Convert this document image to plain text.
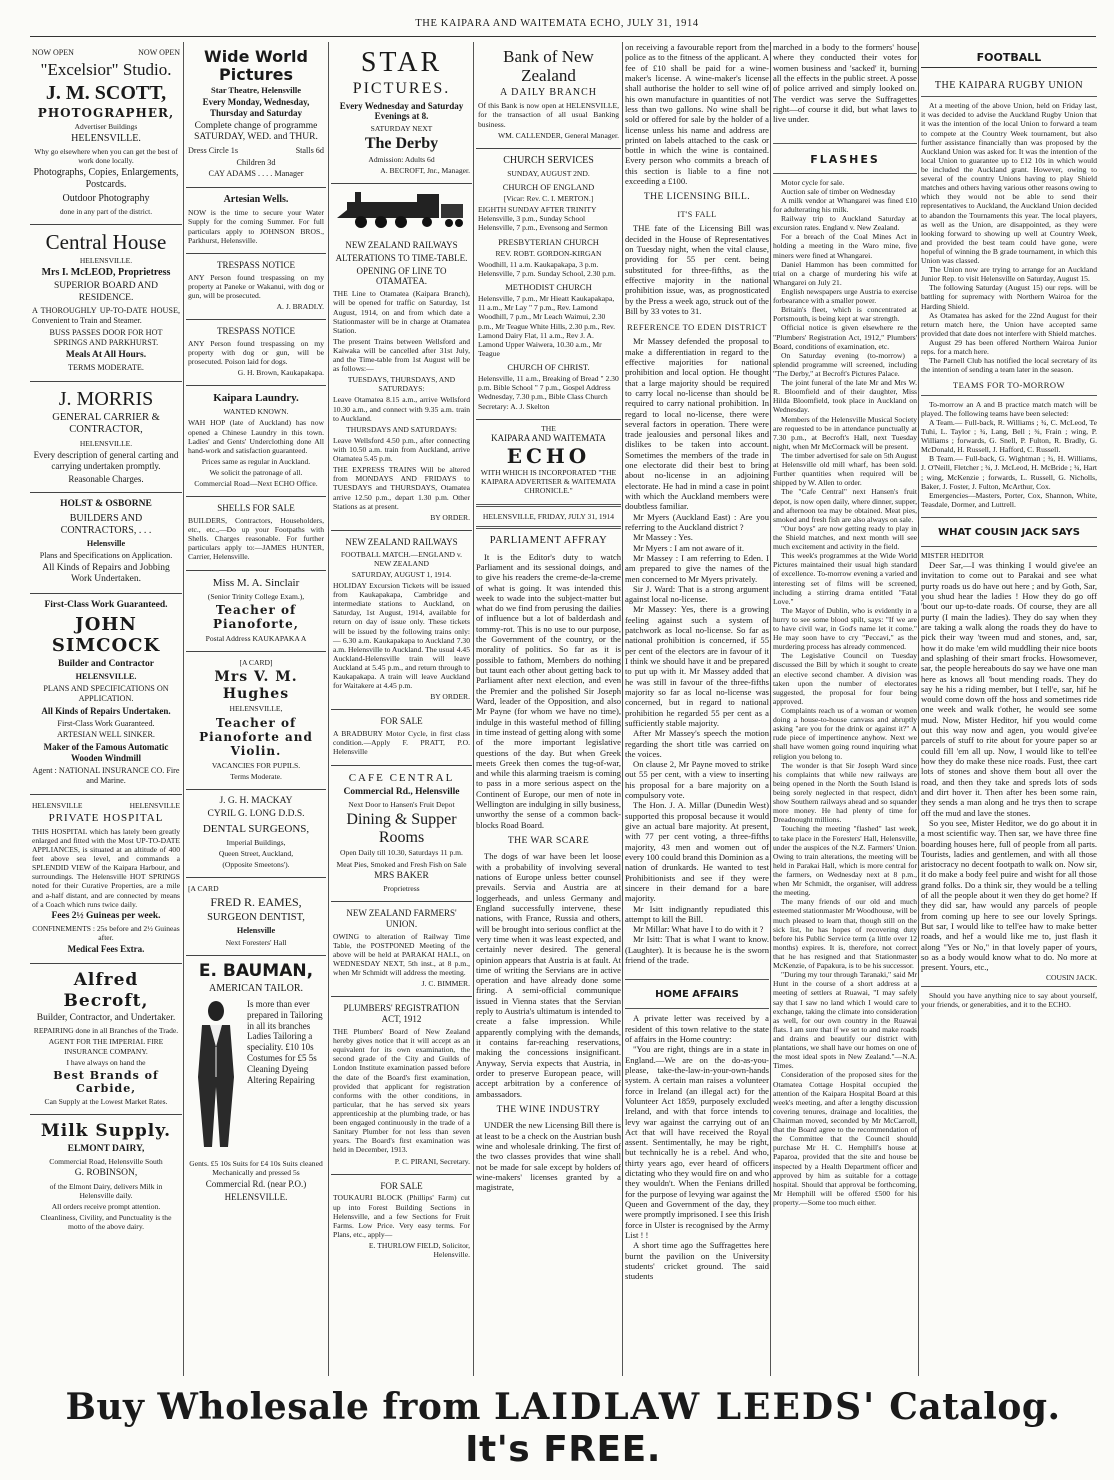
THE KAIPARA AND WAITEMATA ECHO, JULY 31, 1914

NOW OPEN	NOW OPEN

"Excelsior" Studio.

J. M. SCOTT,

PHOTOGRAPHER,

Advertiser Buildings

HELENSVILLE.

Why go elsewhere when you can get the best of work done locally.

Photographs, Copies, Enlargements, Postcards.

Outdoor Photography

done in any part of the district.

Central House

HELENSVILLE.

Mrs I. McLEOD, Proprietress

SUPERIOR BOARD AND RESIDENCE.

A THOROUGHLY UP-TO-DATE HOUSE, Convenient to Train and Steamer.

BUSS PASSES DOOR FOR HOT SPRINGS AND PARKHURST.

Meals At All Hours.

TERMS MODERATE.

J. MORRIS

GENERAL CARRIER & CONTRACTOR,

HELENSVILLE.

Every description of general carting and carrying undertaken promptly.

Reasonable Charges.

HOLST & OSBORNE

BUILDERS AND CONTRACTORS, . . .

Helensville

Plans and Specifications on Application.

All Kinds of Repairs and Jobbing Work Undertaken.

First-Class Work Guaranteed.

JOHN SIMCOCK

Builder and Contractor

HELENSVILLE.

PLANS AND SPECIFICATIONS ON APPLICATION.

All Kinds of Repairs Undertaken.

First-Class Work Guaranteed.

ARTESIAN WELL SINKER.

Maker of the Famous Automatic Wooden Windmill

Agent : NATIONAL INSURANCE CO. Fire and Marine.

HELENSVILLE	HELENSVILLE

PRIVATE HOSPITAL

THIS HOSPITAL which has lately been greatly enlarged and fitted with the Most UP-TO-DATE APPLIANCES, is situated at an altitude of 400 feet above sea level, and commands a SPLENDID VIEW of the Kaipara Harbour, and surroundings. The Helensville HOT SPRINGS noted for their Curative Properties, are a mile and a-half distant, and are connected by means of a Coach which runs twice daily.

Fees 2½ Guineas per week.

CONFINEMENTS : 25s before and 2½ Guineas after.

Medical Fees Extra.

Alfred Becroft,

Builder, Contractor, and Undertaker.

REPAIRING done in all Branches of the Trade.

AGENT FOR THE IMPERIAL FIRE INSURANCE COMPANY.

I have always on hand the

Best Brands of Carbide,

Can Supply at the Lowest Market Rates.

Milk Supply.

ELMONT DAIRY,

Commercial Road, Helensville South

G. ROBINSON,

of the Elmont Dairy, delivers Milk in Helensville daily.

All orders receive prompt attention.

Cleanliness, Civility, and Punctuality is the motto of the above dairy.

Wide World Pictures

Star Theatre, Helensville

Every Monday, Wednesday, Thursday and Saturday

Complete change of programme SATURDAY, WED. and THUR.

Dress Circle 1s	Stalls 6d

Children 3d

CAY ADAMS . . . . Manager

Artesian Wells.

NOW is the time to secure your Water Supply for the coming Summer. For full particulars apply to JOHNSON BROS., Parkhurst, Helensville.

TRESPASS NOTICE

ANY Person found trespassing on my property at Paneke or Wakanui, with dog or gun, will be prosecuted.

A. J. BRADLY.

TRESPASS NOTICE

ANY Person found trespassing on my property with dog or gun, will be prosecuted. Poison laid for dogs.

G. H. Brown, Kaukapakapa.

Kaipara Laundry.

WANTED KNOWN.

WAH HOP (late of Auckland) has now opened a Chinese Laundry in this town. Ladies' and Gents' Underclothing done All hand-work and satisfaction guaranteed.

Prices same as regular in Auckland.

We solicit the patronage of all.

Commercial Road—Next ECHO Office.

SHELLS FOR SALE

BUILDERS, Contractors, Householders, etc., etc.,—Do up your Footpaths with Shells. Charges reasonable. For further particulars apply to:—JAMES HUNTER, Carrier, Helensville.

Miss M. A. Sinclair

(Senior Trinity College Exam.),

Teacher of Pianoforte,

Postal Address KAUKAPAKA A

[A CARD]

Mrs V. M. Hughes

HELENSVILLE,

Teacher of Pianoforte and Violin.

VACANCIES FOR PUPILS.

Terms Moderate.

J. G. H. MACKAY

CYRIL G. LONG D.D.S.

DENTAL SURGEONS,

Imperial Buildings,

Queen Street, Auckland,

(Opposite Smeetons').

[A CARD

FRED R. EAMES,

SURGEON DENTIST,

Helensville

Next Foresters' Hall

E. BAUMAN,

AMERICAN TAILOR.

Is more than ever prepared in Tailoring in all its branches Ladies Tailoring a speciality. £10 10s Costumes for £5 5s Cleaning Dyeing Altering Repairing

Gents. £5 10s Suits for £4 10s Suits cleaned Mechanically and pressed 5s

Commercial Rd. (near P.O.)

HELENSVILLE.

STAR

PICTURES.

Every Wednesday and Saturday Evenings at 8.

SATURDAY NEXT

The Derby

Admission: Adults 6d

A. BECROFT, Jnr., Manager.

NEW ZEALAND RAILWAYS

ALTERATIONS TO TIME-TABLE.

OPENING OF LINE TO OTAMATEA.

THE Line to Otamatea (Kaipara Branch), will be opened for traffic on Saturday, 1st August, 1914, on and from which date a Stationmaster will be in charge at Otamatea Station.

The present Trains between Wellsford and Kaiwaka will be cancelled after 31st July, and the Time-table from 1st August will be as follows:—

TUESDAYS, THURSDAYS, AND SATURDAYS:

Leave Otamatea 8.15 a.m., arrive Wellsford 10.30 a.m., and connect with 9.35 a.m. train to Auckland.

THURSDAYS AND SATURDAYS:

Leave Wellsford 4.50 p.m., after connecting with 10.50 a.m. train from Auckland, arrive Otamatea 5.45 p.m.

THE EXPRESS TRAINS Will be altered from MONDAYS AND FRIDAYS to TUESDAYS and THURSDAYS, Otamatea arrive 12.50 p.m., depart 1.30 p.m. Other Stations as at present.

BY ORDER.

NEW ZEALAND RAILWAYS

FOOTBALL MATCH.—ENGLAND v. NEW ZEALAND

SATURDAY, AUGUST 1, 1914.

HOLIDAY Excursion Tickets will be issued from Kaukapakapa, Cambridge and intermediate stations to Auckland, on Saturday, 1st August, 1914, available for return on day of issue only. These tickets will be issued by the following trains only:— 6.30 a.m. Kaukapakapa to Auckland 7.30 a.m. Helensville to Auckland. The usual 4.45 Auckland-Helensville train will leave Auckland at 5.45 p.m., and return through to Kaukapakapa. A train will leave Auckland for Waitakere at 4.45 p.m.

BY ORDER.

FOR SALE

A BRADBURY Motor Cycle, in first class condition.—Apply F. PRATT, P.O. Helensville

CAFE CENTRAL

Commercial Rd., Helensville

Next Door to Hansen's Fruit Depot

Dining & Supper Rooms

Open Daily till 10.30, Saturdays 11 p.m.

Meat Pies, Smoked and Fresh Fish on Sale

MRS BAKER

Proprietress

NEW ZEALAND FARMERS' UNION.

OWING to alteration of Railway Time Table, the POSTPONED Meeting of the above will be held at PARAKAI HALL, on WEDNESDAY NEXT, 5th inst., at 8 p.m., when Mr Schmidt will address the meeting.

J. C. BIMMER.

PLUMBERS' REGISTRATION ACT, 1912

THE Plumbers' Board of New Zealand hereby gives notice that it will accept as an equivalent for its own examination, the second grade of the City and Guilds of London Institute examination passed before the date of the Board's first examination, provided that applicant for registration conforms with the other conditions, in particular, that he has served six years apprenticeship at the plumbing trade, or has been engaged continuously in the trade of a Sanitary Plumber for not less than seven years. The Board's first examination was held in December, 1913.

P. C. PIRANI, Secretary.

FOR SALE

TOUKAURI BLOCK (Phillips' Farm) cut up into Forest Building Sections in Helensville, and a few Sections for Fruit Farms. Low Price. Very easy terms. For Plans, etc., apply—

E. THURLOW FIELD, Solicitor, Helensville.

Bank of New Zealand

A DAILY BRANCH

Of this Bank is now open at HELENSVILLE, for the transaction of all usual Banking business.

WM. CALLENDER, General Manager.

CHURCH SERVICES

SUNDAY, AUGUST 2ND.

CHURCH OF ENGLAND

[Vicar: Rev. C. I. MERTON.]

EIGHTH SUNDAY AFTER TRINITY Helensville, 3 p.m., Sunday School Helensville, 7 p.m., Evensong and Sermon

PRESBYTERIAN CHURCH

REV. ROBT. GORDON-KIRGAN

Woodhill, 11 a.m. Kaukapakapa, 3 p.m. Helensville, 7 p.m. Sunday School, 2.30 p.m.

METHODIST CHURCH

Helensville, 7 p.m., Mr Hieatt Kaukapakapa, 11 a.m., Mr Lay " 7 p.m., Rev. Lamond Woodhill, 7 p.m., Mr Leach Waimui, 2.30 p.m., Mr Teague White Hills, 2.30 p.m., Rev. Lamond Dairy Flat, 11 a.m., Rev J. A. Lamond Upper Waiwera, 10.30 a.m., Mr Teague

CHURCH OF CHRIST.

Helensville, 11 a.m., Breaking of Bread " 2.30 p.m. Bible School " 7 p.m., Gospel Address Wednesday, 7.30 p.m., Bible Class Church Secretary: A. J. Skelton

THE

KAIPARA AND WAITEMATA

ECHO

WITH WHICH IS INCORPORATED "THE KAIPARA ADVERTISER & WAITEMATA CHRONICLE."

HELENSVILLE, FRIDAY, JULY 31, 1914

PARLIAMENT AFFRAY

It is the Editor's duty to watch Parliament and its sessional doings, and to give his readers the creme-de-la-creme of what is going. It was intended this week to wade into the subject-matter but what do we find from perusing the dailies of influence but a lot of balderdash and tommy-rot. This is no use to our purpose, the Government of the country, or the morality of politics. So far as it is possible to fathom, Members do nothing but taunt each other about getting back to Parliament after next election, and even the Premier and the polished Sir Joseph Ward, leader of the Opposition, and also Mr Payne (for whom we have no time), indulge in this wasteful method of filling in time instead of getting along with some of the more important legislative questions of the day. But when Greek meets Greek then comes the tug-of-war, and while this alarming traeism is coming to pass in a more serious aspect on the Continent of Europe, our men of note in Wellington are indulging in silly business, unworthy the sense of a common back-blocks Road Board.

THE WAR SCARE

The dogs of war have been let loose with a probability of involving several nations of Europe unless better counsel prevails. Servia and Austria are at loggerheads, and unless Germany and England successfully intervene, these nations, with France, Russia and others, will be brought into serious conflict at the very time when it was least expected, and certainly never desired. The general opinion appears that Austria is at fault. At time of writing the Servians are in active operation and have already done some firing. A semi-official communique issued in Vienna states that the Servian reply to Austria's ultimatum is intended to create a false impression. While apparently complying with the demands, it contains far-reaching reservations, making the concessions insignificant. Anyway, Servia expects that Austria, in order to preserve European peace, will accept arbitration by a conference of ambassadors.

THE WINE INDUSTRY

UNDER the new Licensing Bill there is at least to be a check on the Austrian bush wine and wholesale drinking. The first of the two classes provides that wine shall not be made for sale except by holders of wine-makers' licenses granted by a magistrate,

on receiving a favourable report from the police as to the fitness of the applicant. A fee of £10 shall be paid for a wine-maker's license. A wine-maker's license shall authorise the holder to sell wine of his own manufacture in quantities of not less than two gallons. No wine shall be sold or offered for sale by the holder of a license unless his name and address are printed on labels attached to the cask or bottle in which the wine is contained. Every person who commits a breach of this section is liable to a fine not exceeding a £100.

THE LICENSING BILL.

IT'S FALL

THE fate of the Licensing Bill was decided in the House of Representatives on Tuesday night, when the vital clause, providing for 55 per cent. being substituted for three-fifths, as the effective majority in the national prohibition issue, was, as prognosticated by the Press a week ago, struck out of the Bill by 33 votes to 31.

REFERENCE TO EDEN DISTRICT

Mr Massey defended the proposal to make a differentiation in regard to the effective majorities for national prohibition and local option. He thought that a large majority should be required to carry local no-license than should be required to carry national prohibition. In regard to local no-license, there were several factors in operation. There were trade jealousies and personal likes and dislikes to be taken into account. Sometimes the members of the trade in one electorate did their best to bring about no-license in an adjoining electorate. He had in mind a case in point with which the Auckland members were doubtless familiar.

Mr Myers (Auckland East) : Are you referring to the Auckland district ?

Mr Massey : Yes.

Mr Myers : I am not aware of it.

Mr Massey : I am referring to Eden. I am prepared to give the names of the men concerned to Mr Myers privately.

Sir J. Ward: That is a strong argument against local no-license.

Mr Massey: Yes, there is a growing feeling against such a system of patchwork as local no-license. So far as national prohibition is concerned, if 55 per cent of the electors are in favour of it I think we should have it and be prepared to put up with it. Mr Massey added that he was still in favour of the three-fifths majority so far as local no-license was concerned, but in regard to national prohibition he regarded 55 per cent as a sufficiently stable majority.

After Mr Massey's speech the motion regarding the short title was carried on the voices.

On clause 2, Mr Payne moved to strike out 55 per cent, with a view to inserting his proposal for a bare majority on a compulsory vote.

The Hon. J. A. Millar (Dunedin West) supported this proposal because it would give an actual bare majority. At present, with 77 per cent voting, a three-fifths majority, 43 men and women out of every 100 could brand this Dominion as a nation of drunkards. He wanted to test Prohibitionists and see if they were sincere in their demand for a bare majority.

Mr Isitt indignantly repudiated this attempt to kill the Bill.

Mr Millar: What have I to do with it ?

Mr Isitt: That is what I want to know. (Laughter). It is because he is the sworn friend of the trade.

HOME AFFAIRS

A private letter was received by a resident of this town relative to the state of affairs in the Home country:

"You are right, things are in a state in England.—We are on the do-as-you-please, take-the-law-in-your-own-hands system. A certain man raises a volunteer force in Ireland (an illegal act) for the Volunteer Act 1859, purposely excluded Ireland, and with that force intends to levy war against the carrying out of an Act that will have received the Royal assent. Sentimentally, he may be right, but technically he is a rebel. And who, thirty years ago, ever heard of officers dictating who they would fire on and who they wouldn't. When the Fenians drilled for the purpose of levying war against the Queen and Government of the day, they were promptly imprisoned. I see this Irish force in Ulster is recognised by the Army List ! !

A short time ago the Suffragettes here burnt the pavilion on the University students' cricket ground. The said students

marched in a body to the formers' house where they conducted their votes for women business and 'sacked' it, burning all the effects in the public street. A posse of police arrived and simply looked on. The verdict was serve the Suffragettes right—of course it did, but what laws to live under.

FLASHES

Motor cycle for sale.

Auction sale of timber on Wednesday

A milk vendor at Whangarei was fined £10 for adulterating his milk.

Railway trip to Auckland Saturday at excursion rates. England v. New Zealand.

For a breach of the Coal Mines Act in holding a meeting in the Waro mine, five miners were fined at Whangarei.

Daniel Hammon has been committed for trial on a charge of murdering his wife at Whangarei on July 21.

English newspapers urge Austria to exercise forbearance with a smaller power.

Britain's fleet, which is concentrated at Portsmouth, is being kept at war strength.

Official notice is given elsewhere re the "Plumbers' Registration Act, 1912," Plumbers' Board, conditions of examination, etc.

On Saturday evening (to-morrow) a splendid programme will screened, including "The Derby," at Becroft's Pictures Palace.

The joint funeral of the late Mr and Mrs W. R. Bloomfield and of their daughter, Miss Hilda Bloomfield, took place in Auckland on Wednesday.

Members of the Helensville Musical Society are requested to be in attendance punctually at 7.30 p.m., at Becroft's Hall, next Tuesday night, when Mr McCormack will be present.

The timber advertised for sale on 5th August at Helensville old mill wharf, has been sold. Further quantities when required will be shipped by W. Allen to order.

The "Cafe Central" next Hansen's fruit depot, is now open daily, where dinner, supper, and afternoon tea may be obtained. Meat pies, smoked and fresh fish are also always on sale.

"Our boys" are now getting ready to play in the Shield matches, and next month will see much excitement and activity in the field.

This week's programmes at the Wide World Pictures maintained their usual high standard of excellence. To-morrow evening a varied and interesting set of films will be screened, including a stirring drama entitled "Fatal Love."

The Mayor of Dublin, who is evidently in a hurry to see some blood spilt, says: "If we are to have civil war, in God's name let it come." He may soon have to cry "Peccavi," as the murdering process has already commenced.

The Legislative Council on Tuesday discussed the Bill by which it sought to create an elective second chamber. A division was taken upon the number of electorates suggested, the proposal for four being approved.

Complaints reach us of a woman or women doing a house-to-house canvass and abruptly asking "are you for the drink or against it?" A rude piece of impertinence anyhow. Next we shall have women going round inquiring what religion you belong to.

The wonder is that Sir Joseph Ward since his complaints that while new railways are being opened in the North the South Island is being sorely neglected in that respect, didn't show Southern railways ahead and so squander more money. He had plenty of time for Dreadnought millions.

Touching the meeting "flashed" last week, to take place in the Foresters' Hall, Helensville, under the auspices of the N.Z. Farmers' Union. Owing to train alterations, the meeting will be held in Parakai Hall, which is more central for the farmers, on Wednesday next at 8 p.m., when Mr Schmidt, the organiser, will address the meeting.

The many friends of our old and much esteemed stationmaster Mr Woodhouse, will be much pleased to learn that, though still on the sick list, he has hopes of recovering duty before his Public Service term (a little over 12 months) expires. It is, therefore, not correct that he has resigned and that Stationmaster McKenzie, of Papakura, is to be his successor.

"During my tour through Taranaki," said Mr Hunt in the course of a short address at a meeting of settlers at Ruawai, "I may safely say that I saw no land which I would care to exchange, taking the climate into consideration as well, for our own country in the Ruawai flats. I am sure that if we set to and make roads and drains and beautify our district with plantations, we shall have our homes on one of the most ideal spots in New Zealand."—N.A. Times.

Consideration of the proposed sites for the Otamatea Cottage Hospital occupied the attention of the Kaipara Hospital Board at this week's meeting, and after a lengthy discussion covering tenures, drainage and localities, the Chairman moved, seconded by Mr McCarroll, that the Board agree to the recommendation of the Committee that the Council should purchase Mr H. C. Hemphill's house at Paparoa, provided that the site and house be inspected by a Health Department officer and approved by him as suitable for a cottage hospital. Should that approval be forthcoming, Mr Hemphill will be offered £500 for his property.—Some too much either.

FOOTBALL

THE KAIPARA RUGBY UNION

At a meeting of the above Union, held on Friday last, it was decided to advise the Auckland Rugby Union that it was the intention of the local Union to forward a team to compete at the Country Week tournament, but also further assistance financially than was proposed by the Auckland Union was asked for. It was the intention of the local Union to guarantee up to £12 10s in which would be included the Auckland grant. However, owing to several of the country Unions having to play Shield matches and others having various other reasons owing to which they would not be able to send their representatives to Auckland, the Auckland Union decided to abandon the Tournaments this year. The local players, as well as the Union, are disappointed, as they were looking forward to showing up well at Country Week, and provided the best team could have gone, were hopeful of winning the B grade tournament, in which this Union was classed.

The Union now are trying to arrange for an Auckland Junior Rep. to visit Helensville on Saturday, August 15.

The following Saturday (August 15) our reps. will be battling for supremacy with Northern Wairoa for the Harding Shield.

As Otamatea has asked for the 22nd August for their return match here, the Union have accepted same provided that date does not interfere with Shield matches.

August 29 has been offered Northern Wairoa Junior reps. for a match here.

The Parnell Club has notified the local secretary of its the intention of sending a team later in the season.

TEAMS FOR TO-MORROW

To-morrow an A and B practice match match will be played. The following teams have been selected:

A Team.— Full-back, R. Williams ; ¾, C. McLeod, Te Tuhi, L. Taylor ; ¾, Lang, Bell ; ¾, Frain ; wing, P. Williams ; forwards, G. Snell, P. Fulton, R. Bradly, G. McDonald, H. Russell, J. Hafford, C. Russell.

B Team.— Full-back, G. Wightman ; ¾, H. Williams, J. O'Neill, Fletcher ; ¾, J. McLeod, H. McBride ; ¾, Hart ; wing, McKenzie ; forwards, L. Russell, G. Nicholls, Baker, J. Foster, J. Fulton, McArthur, Cox.

Emergencies—Masters, Porter, Cox, Shannon, White, Teasdale, Dormer, and Luttrell.

WHAT COUSIN JACK SAYS

MISTER HEDITOR

Deer Sar,—I was thinking I would give'ee an invitation to come out to Parakai and see what purty roads us do have out here ; and by Goth, Sar, you shud hear the ladies ! How they do go off 'bout our up-to-date roads. Of course, they are all purty (I main the ladies). They do say when they are taking a walk along the roads they do have to pick their way 'tween mud and stones, and, sar, how it do make 'em wild muddling their nice boots and splashing of their smart frocks. Howsomever, sar, the people hereabouts do say we have one man here as knows all 'bout mending roads. They do say he his a riding member, but I tell'e, sar, hif he would come down off the hoss and sometimes ride one week and walk t'other, he would see some mud. Now, Mister Heditor, hif you would come out this way now and agen, you would give'ee parcels of stuff to rite about for youre paper so ar could fill 'em all up. Now, I would like to tell'ee how they do make these nice roads. Fust, thee cart lots of stones and shove them bout all over the road, and then they take and spreds lots of sods and dirt hover it. Then after hes been some rain, they sends a man along and he trys then to scrape off the mud and lave the stones.

So you see, Mister Heditor, we do go about it in a most scientific way. Then sar, we have three fine boarding houses here, full of people from all parts. Tourists, ladies and gentlemen, and with all those aristocracy no decent footpath to walk on. Now sir, it do make a body feel puire and wisht for all those grand folks. Do a think sir, they would be a telling of all the people about it wen they do get home? If they did sar, haw would any parcels of people from coming up here to see our lovely Springs. But sar, I would like to tell'ee haw to make better roads, and hef a would like me to, just flash it along "Yes or No," in that lovely paper of yours, so as a body would know what to do. No more at present. Yours, etc.,

COUSIN JACK.

Should you have anything nice to say about yourself, your friends, or generabities, and it to the ECHO.

Buy Wholesale from LAIDLAW LEEDS' Catalog. It's FREE.
